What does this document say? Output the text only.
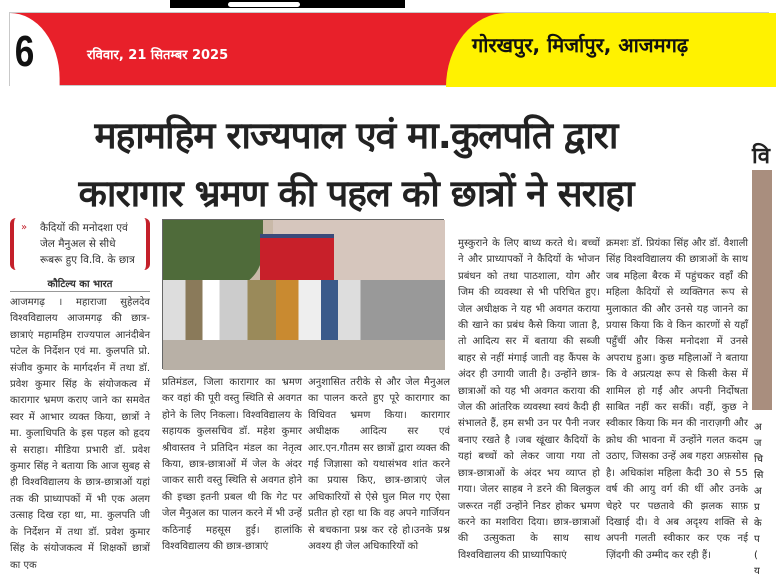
6	रविवार, 21 सितम्बर 2025	गोरखपुर, मिर्जापुर, आजमगढ़
महामहिम राज्यपाल एवं मा.कुलपति द्वारा
कारागार भ्रमण की पहल को छात्रों ने सराहा
» कैदियों की मनोदशा एवं जेल मैनुअल से सीधे रूबरू हुए वि.वि. के छात्र
कौटिल्य का भारत
आजमगढ़ । महाराजा सुहेलदेव विश्वविद्यालय आजमगढ़ की छात्र-छात्राएं महामहिम राज्यपाल आनंदीबेन पटेल के निर्देशन एवं मा. कुलपति प्रो. संजीव कुमार के मार्गदर्शन में तथा डॉ. प्रवेश कुमार सिंह के संयोजकत्व में कारागार भ्रमण कराए जाने का समवेत स्वर में आभार व्यक्त किया, छात्रों ने मा. कुलाधिपति के इस पहल को हृदय से सराहा। मीडिया प्रभारी डॉ. प्रवेश कुमार सिंह ने बताया कि आज सुबह से ही विश्वविद्यालय के छात्र-छात्राओं यहां तक की प्राध्यापकों में भी एक अलग उत्साह दिख रहा था, मा. कुलपति जी के निर्देशन में तथा डॉ. प्रवेश कुमार सिंह के संयोजकत्व में शिक्षकों छात्रों का एक
प्रतिमंडल, जिला कारागार का भ्रमण कर वहां की पूरी वस्तु स्थिति से अवगत होने के लिए निकला। विश्वविद्यालय के सहायक कुलसचिव डॉ. महेश कुमार श्रीवास्तव ने प्रतिदिन मंडल का नेतृत्व किया, छात्र-छात्राओं में जेल के अंदर जाकर सारी वस्तु स्थिति से अवगत होने की इच्छा इतनी प्रबल थी कि गेट पर जेल मैनुअल का पालन करने में भी उन्हें कठिनाई महसूस हुई। हालांकि विश्वविद्यालय की छात्र-छात्राएं
अनुशासित तरीके से और जेल मैनुअल का पालन करते हुए पूरे कारागार का विधिवत भ्रमण किया। कारागार अधीक्षक आदित्य सर एवं आर.एन.गौतम सर छात्रों द्वारा व्यक्त की गई जिज्ञासा को यथासंभव शांत करने का प्रयास किए, छात्र-छात्राएं जेल अधिकारियों से ऐसे घुल मिल गए ऐसा प्रतीत हो रहा था कि वह अपने गार्जियन से बचकाना प्रश्न कर रहे हो।उनके प्रश्न अवश्य ही जेल अधिकारियों को
मुस्कुराने के लिए बाध्य करते थे। बच्चों ने और प्राध्यापकों ने कैदियों के भोजन प्रबंधन को तथा पाठशाला, योग और जिम की व्यवस्था से भी परिचित हुए। जेल अधीक्षक ने यह भी अवगत कराया की खाने का प्रबंध कैसे किया जाता है, तो आदित्य सर में बताया की सब्जी बाहर से नहीं मंगाई जाती वह कैंपस के अंदर ही उगायी जाती है। उन्होंने छात्र-छात्राओं को यह भी अवगत कराया की जेल की आंतरिक व्यवस्था स्वयं कैदी ही संभालते हैं, हम सभी उन पर पैनी नजर बनाए रखते है ।जब खूंखार कैदियों के यहां बच्चों को लेकर जाया गया तो छात्र-छात्राओं के अंदर भय व्याप्त हो गया। जेलर साहब ने डरने की बिलकुल जरूरत नहीं उन्होंने निडर होकर भ्रमण करने का मशविरा दिया। छात्र-छात्राओं की उत्सुकता के साथ साथ विश्वविद्यालय की प्राध्यापिकाएं
क्रमशः डॉ. प्रियंका सिंह और डॉ. वैशाली सिंह विश्वविद्यालय की छात्राओं के साथ जब महिला बैरक में पहुंचकर वहाँ की महिला कैदियों से व्यक्तिगत रूप से मुलाकात की और उनसे यह जानने का प्रयास किया कि वे किन कारणों से यहाँ पहुँचीं और किस मनोदशा में उनसे अपराध हुआ। कुछ महिलाओं ने बताया कि वे अप्रत्यक्ष रूप से किसी केस में शामिल हो गईं और अपनी निर्दोषता साबित नहीं कर सकीं। वहीं, कुछ ने स्वीकार किया कि मन की नाराज़गी और क्रोध की भावना में उन्होंने गलत कदम उठाए, जिसका उन्हें अब गहरा अफ़सोस है। अधिकांश महिला कैदी 30 से 55 वर्ष की आयु वर्ग की थीं और उनके चेहरे पर पछतावे की झलक साफ़ दिखाई दी। वे अब अदृश्य शक्ति से अपनी गलती स्वीकार कर एक नई ज़िंदगी की उम्मीद कर रही हैं।
वि
अ ज चि सि अ प्र के प ( य
